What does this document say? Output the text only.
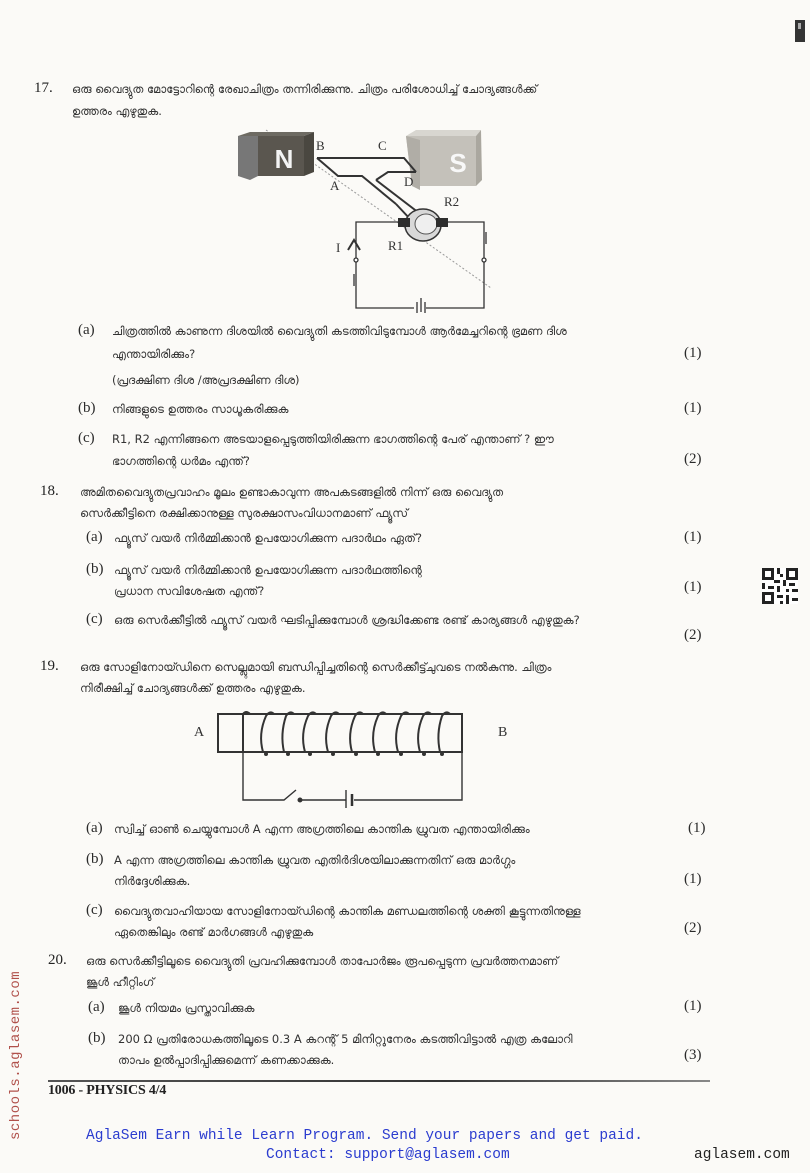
17. ഒരു വൈദ്യുത മോട്ടോറിന്റെ രേഖാചിത്രം തന്നിരിക്കുന്നു. ചിത്രം പരിശോധിച്ച് ചോദ്യങ്ങൾക്ക്
ഉത്തരം എഴുതുക.
N	S
B	C
A	D
R2
R1
I
(a) ചിത്രത്തിൽ കാണുന്ന ദിശയിൽ വൈദ്യുതി കടത്തിവിടുമ്പോൾ ആർമേച്ചറിന്റെ ഭ്രമണ ദിശ
എന്തായിരിക്കും?	(1)
(പ്രദക്ഷിണ ദിശ /അപ്രദക്ഷിണ ദിശ)
(b) നിങ്ങളുടെ ഉത്തരം സാധൂകരിക്കുക	(1)
(c) R1, R2 എന്നിങ്ങനെ അടയാളപ്പെടുത്തിയിരിക്കുന്ന ഭാഗത്തിന്റെ പേര് എന്താണ് ? ഈ
ഭാഗത്തിന്റെ ധർമം എന്ത്?	(2)
18. അമിതവൈദ്യുതപ്രവാഹം മൂലം ഉണ്ടാകാവുന്ന അപകടങ്ങളിൽ നിന്ന് ഒരു വൈദ്യുത
സെർക്കീട്ടിനെ രക്ഷിക്കാനുള്ള സുരക്ഷാസംവിധാനമാണ് ഫ്യൂസ്
(a) ഫ്യൂസ് വയർ നിർമ്മിക്കാൻ ഉപയോഗിക്കുന്ന പദാർഥം ഏത്?	(1)
(b) ഫ്യൂസ് വയർ നിർമ്മിക്കാൻ ഉപയോഗിക്കുന്ന പദാർഥത്തിന്റെ
പ്രധാന സവിശേഷത എന്ത്?	(1)
(c) ഒരു സെർക്കീട്ടിൽ ഫ്യൂസ് വയർ ഘടിപ്പിക്കുമ്പോൾ ശ്രദ്ധിക്കേണ്ട രണ്ട് കാര്യങ്ങൾ എഴുതുക?
(2)
19. ഒരു സോളിനോയ്ഡിനെ സെല്ലുമായി ബന്ധിപ്പിച്ചതിന്റെ സെർക്കീട്ട്ചുവടെ നൽകുന്നു. ചിത്രം
നിരീക്ഷിച്ച് ചോദ്യങ്ങൾക്ക് ഉത്തരം എഴുതുക.
A	B
(a) സ്വിച്ച് ഓൺ ചെയ്യുമ്പോൾ A എന്ന അഗ്രത്തിലെ കാന്തിക ധ്രുവത എന്തായിരിക്കും	(1)
(b) A എന്ന അഗ്രത്തിലെ കാന്തിക ധ്രുവത എതിർദിശയിലാക്കുന്നതിന് ഒരു മാർഗ്ഗം
നിർദ്ദേശിക്കുക.	(1)
(c) വൈദ്യുതവാഹിയായ സോളിനോയ്ഡിന്റെ കാന്തിക മണ്ഡലത്തിന്റെ ശക്തി കൂട്ടുന്നതിനുള്ള
ഏതെങ്കിലും രണ്ട് മാർഗങ്ങൾ എഴുതുക	(2)
20. ഒരു സെർക്കീട്ടിലൂടെ വൈദ്യുതി പ്രവഹിക്കുമ്പോൾ താപോർജം രൂപപ്പെടുന്ന പ്രവർത്തനമാണ്
ജൂൾ ഹീറ്റിംഗ്
(a) ജൂൾ നിയമം പ്രസ്താവിക്കുക	(1)
(b) 200 Ω പ്രതിരോധകത്തിലൂടെ 0.3 A കറന്റ് 5 മിനിറ്റുനേരം കടത്തിവിട്ടാൽ എത്ര കലോറി
താപം ഉൽപ്പാദിപ്പിക്കുമെന്ന് കണക്കാക്കുക.	(3)
1006 - PHYSICS 4/4
AglaSem Earn while Learn Program. Send your papers and get paid.
Contact: support@aglasem.com	aglasem.com
schools.aglasem.com
